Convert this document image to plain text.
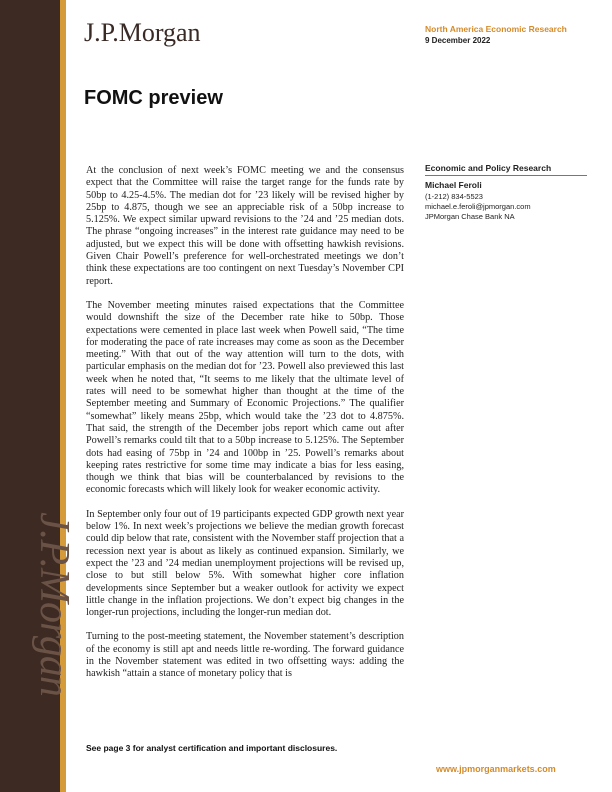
J.P.Morgan
J.P.Morgan	North America Economic Research
9 December 2022
FOMC preview

At the conclusion of next week’s FOMC meeting we and the consensus expect that the Committee will raise the target range for the funds rate by 50bp to 4.25-4.5%. The median dot for ’23 likely will be revised higher by 25bp to 4.875, though we see an appreciable risk of a 50bp increase to 5.125%. We expect similar upward revisions to the ’24 and ’25 median dots. The phrase “ongoing increases” in the interest rate guidance may need to be adjusted, but we expect this will be done with offsetting hawkish revisions. Given Chair Powell’s preference for well-orchestrated meetings we don’t think these expectations are too contingent on next Tuesday’s November CPI report.

The November meeting minutes raised expectations that the Committee would downshift the size of the December rate hike to 50bp. Those expectations were cemented in place last week when Powell said, “The time for moderating the pace of rate increases may come as soon as the December meeting.” With that out of the way attention will turn to the dots, with particular emphasis on the median dot for ’23. Powell also previewed this last week when he noted that, “It seems to me likely that the ultimate level of rates will need to be somewhat higher than thought at the time of the September meeting and Summary of Economic Projections.” The qualifier “somewhat” likely means 25bp, which would take the ’23 dot to 4.875%. That said, the strength of the December jobs report which came out after Powell’s remarks could tilt that to a 50bp increase to 5.125%. The September dots had easing of 75bp in ’24 and 100bp in ’25. Powell’s remarks about keeping rates restrictive for some time may indicate a bias for less easing, though we think that bias will be counterbalanced by revisions to the economic forecasts which will likely look for weaker economic activity.

In September only four out of 19 participants expected GDP growth next year below 1%. In next week’s projections we believe the median growth forecast could dip below that rate, consistent with the November staff projection that a recession next year is about as likely as continued expansion. Similarly, we expect the ’23 and ’24 median unemployment projections will be revised up, close to but still below 5%. With somewhat higher core inflation developments since September but a weaker outlook for activity we expect little change in the inflation projections. We don’t expect big changes in the longer-run projections, including the longer-run median dot.

Turning to the post-meeting statement, the November statement’s description of the economy is still apt and needs little re-wording. The forward guidance in the November statement was edited in two offsetting ways: adding the hawkish “attain a stance of monetary policy that is

Economic and Policy Research
Michael Feroli
(1-212) 834-5523
michael.e.feroli@jpmorgan.com
JPMorgan Chase Bank NA
See page 3 for analyst certification and important disclosures.
www.jpmorganmarkets.com
